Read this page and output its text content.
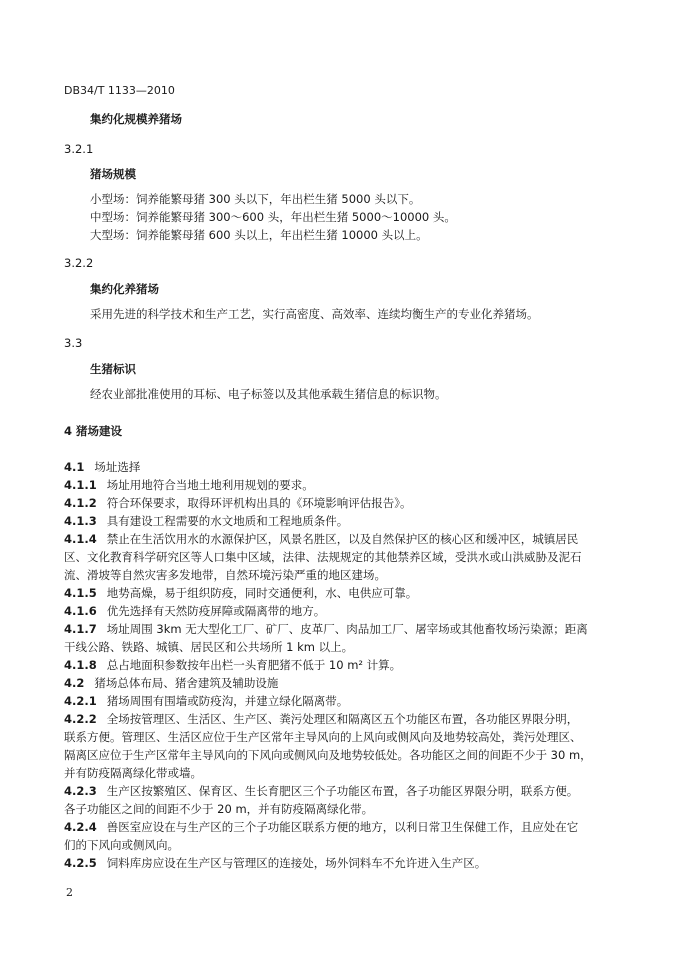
DB34/T 1133—2010
集约化规模养猪场
3.2.1
猪场规模
小型场：饲养能繁母猪 300 头以下，年出栏生猪 5000 头以下。
中型场：饲养能繁母猪 300～600 头，年出栏生猪 5000～10000 头。
大型场：饲养能繁母猪 600 头以上，年出栏生猪 10000 头以上。
3.2.2
集约化养猪场
采用先进的科学技术和生产工艺，实行高密度、高效率、连续均衡生产的专业化养猪场。
3.3
生猪标识
经农业部批准使用的耳标、电子标签以及其他承载生猪信息的标识物。
4 猪场建设
4.1 场址选择
4.1.1 场址用地符合当地土地利用规划的要求。
4.1.2 符合环保要求，取得环评机构出具的《环境影响评估报告》。
4.1.3 具有建设工程需要的水文地质和工程地质条件。
4.1.4 禁止在生活饮用水的水源保护区，风景名胜区，以及自然保护区的核心区和缓冲区，城镇居民
区、文化教育科学研究区等人口集中区域，法律、法规规定的其他禁养区域，受洪水或山洪威胁及泥石
流、滑坡等自然灾害多发地带，自然环境污染严重的地区建场。
4.1.5 地势高燥，易于组织防疫，同时交通便利，水、电供应可靠。
4.1.6 优先选择有天然防疫屏障或隔离带的地方。
4.1.7 场址周围 3km 无大型化工厂、矿厂、皮革厂、肉品加工厂、屠宰场或其他畜牧场污染源；距离
干线公路、铁路、城镇、居民区和公共场所 1 km 以上。
4.1.8 总占地面积参数按年出栏一头育肥猪不低于 10 m² 计算。
4.2 猪场总体布局、猪舍建筑及辅助设施
4.2.1 猪场周围有围墙或防疫沟，并建立绿化隔离带。
4.2.2 全场按管理区、生活区、生产区、粪污处理区和隔离区五个功能区布置，各功能区界限分明，
联系方便。管理区、生活区应位于生产区常年主导风向的上风向或侧风向及地势较高处，粪污处理区、
隔离区应位于生产区常年主导风向的下风向或侧风向及地势较低处。各功能区之间的间距不少于 30 m，
并有防疫隔离绿化带或墙。
4.2.3 生产区按繁殖区、保育区、生长育肥区三个子功能区布置，各子功能区界限分明，联系方便。
各子功能区之间的间距不少于 20 m，并有防疫隔离绿化带。
4.2.4 兽医室应设在与生产区的三个子功能区联系方便的地方，以利日常卫生保健工作，且应处在它
们的下风向或侧风向。
4.2.5 饲料库房应设在生产区与管理区的连接处，场外饲料车不允许进入生产区。
2
